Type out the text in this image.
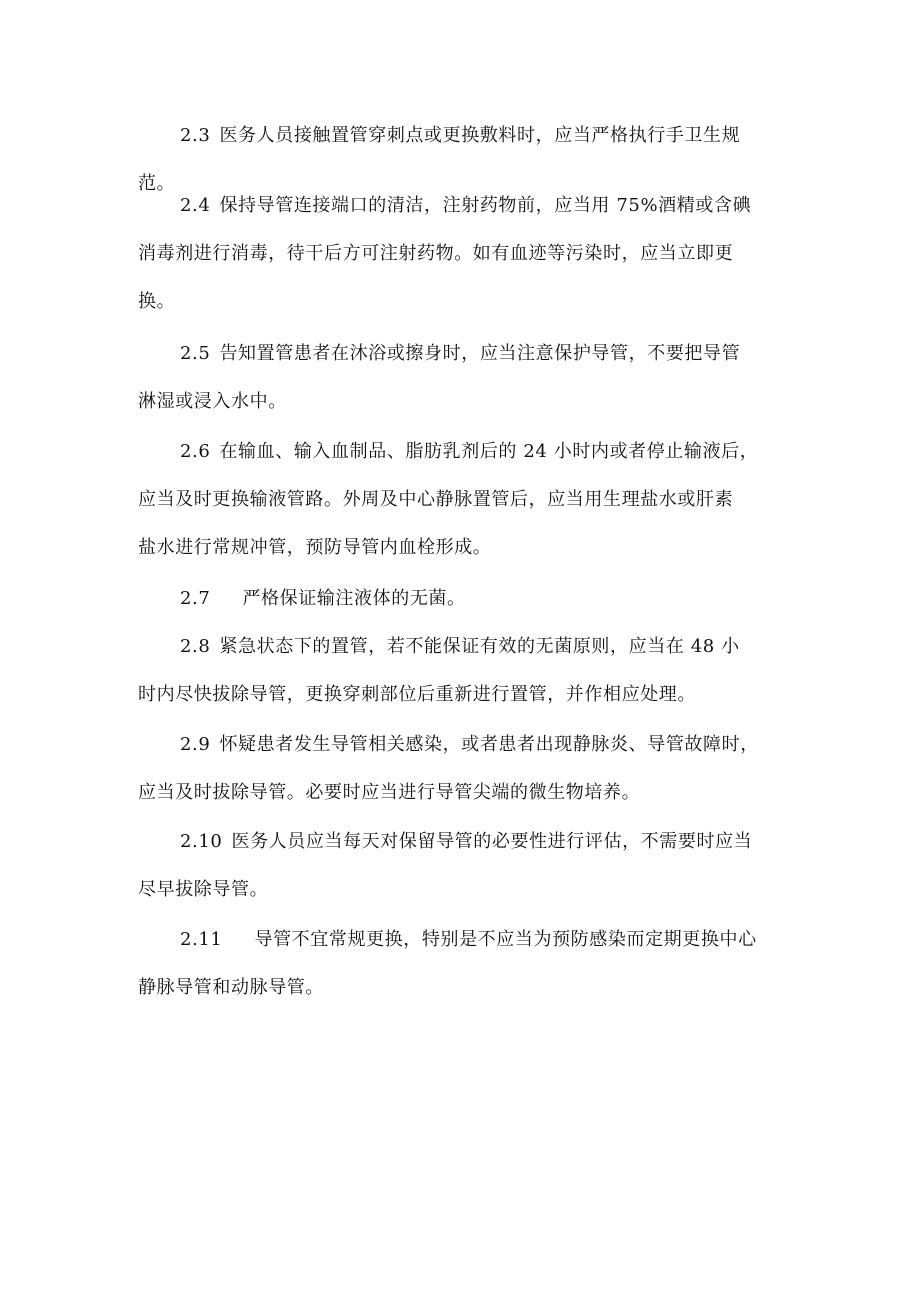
2.3 医务人员接触置管穿刺点或更换敷料时，应当严格执行手卫生规
范。
2.4 保持导管连接端口的清洁，注射药物前，应当用 75%酒精或含碘
消毒剂进行消毒，待干后方可注射药物。如有血迹等污染时，应当立即更
换。
2.5 告知置管患者在沐浴或擦身时，应当注意保护导管，不要把导管
淋湿或浸入水中。
2.6 在输血、输入血制品、脂肪乳剂后的 24 小时内或者停止输液后，
应当及时更换输液管路。外周及中心静脉置管后，应当用生理盐水或肝素
盐水进行常规冲管，预防导管内血栓形成。
2.7 严格保证输注液体的无菌。
2.8 紧急状态下的置管，若不能保证有效的无菌原则，应当在 48 小
时内尽快拔除导管，更换穿刺部位后重新进行置管，并作相应处理。
2.9 怀疑患者发生导管相关感染，或者患者出现静脉炎、导管故障时，
应当及时拔除导管。必要时应当进行导管尖端的微生物培养。
2.10 医务人员应当每天对保留导管的必要性进行评估，不需要时应当
尽早拔除导管。
2.11 导管不宜常规更换，特别是不应当为预防感染而定期更换中心
静脉导管和动脉导管。
